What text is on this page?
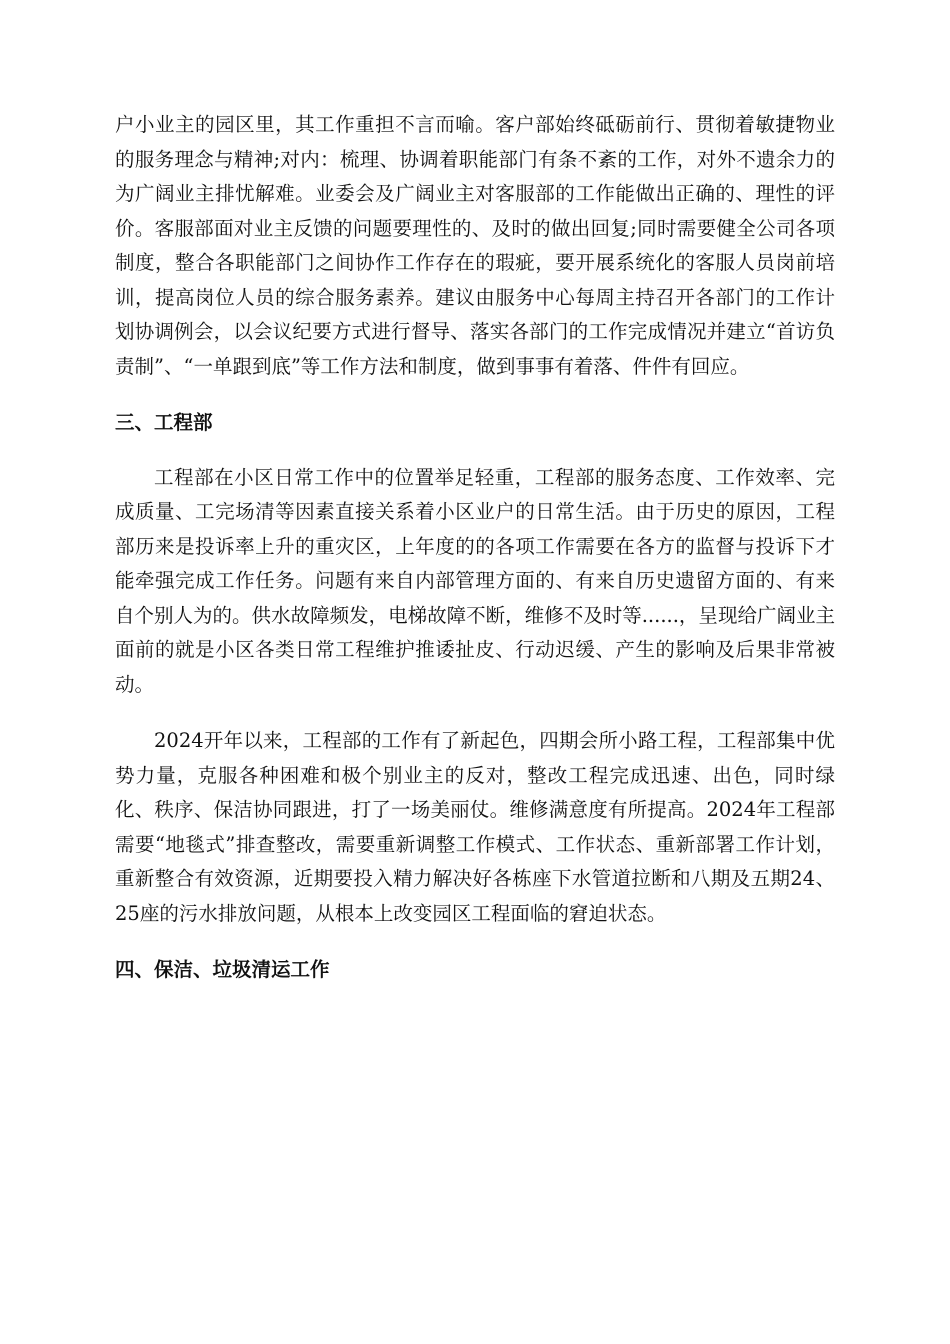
户小业主的园区里，其工作重担不言而喻。客户部始终砥砺前行、贯彻着敏捷物业的服务理念与精神;对内：梳理、协调着职能部门有条不紊的工作，对外不遗余力的为广阔业主排忧解难。业委会及广阔业主对客服部的工作能做出正确的、理性的评价。客服部面对业主反馈的问题要理性的、及时的做出回复;同时需要健全公司各项制度，整合各职能部门之间协作工作存在的瑕疵，要开展系统化的客服人员岗前培训，提高岗位人员的综合服务素养。建议由服务中心每周主持召开各部门的工作计划协调例会，以会议纪要方式进行督导、落实各部门的工作完成情况并建立“首访负责制”、“一单跟到底”等工作方法和制度，做到事事有着落、件件有回应。

三、工程部

工程部在小区日常工作中的位置举足轻重，工程部的服务态度、工作效率、完成质量、工完场清等因素直接关系着小区业户的日常生活。由于历史的原因，工程部历来是投诉率上升的重灾区，上年度的的各项工作需要在各方的监督与投诉下才能牵强完成工作任务。问题有来自内部管理方面的、有来自历史遗留方面的、有来自个别人为的。供水故障频发，电梯故障不断，维修不及时等......，呈现给广阔业主面前的就是小区各类日常工程维护推诿扯皮、行动迟缓、产生的影响及后果非常被动。

2024开年以来，工程部的工作有了新起色，四期会所小路工程，工程部集中优势力量，克服各种困难和极个别业主的反对，整改工程完成迅速、出色，同时绿化、秩序、保洁协同跟进，打了一场美丽仗。维修满意度有所提高。2024年工程部需要“地毯式”排查整改，需要重新调整工作模式、工作状态、重新部署工作计划，重新整合有效资源，近期要投入精力解决好各栋座下水管道拉断和八期及五期24、25座的污水排放问题，从根本上改变园区工程面临的窘迫状态。

四、保洁、垃圾清运工作
